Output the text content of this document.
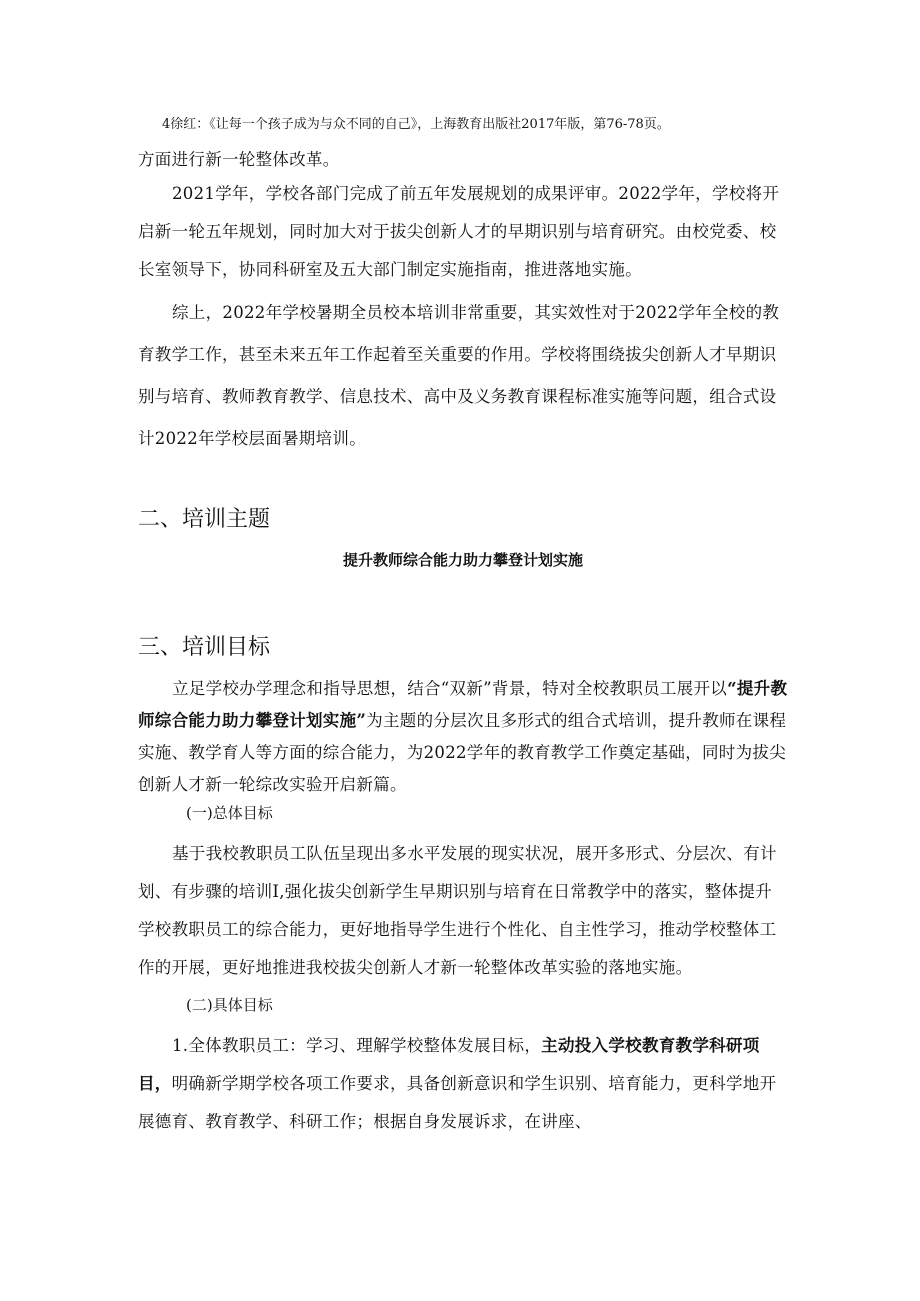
4徐红：《让每一个孩子成为与众不同的自己》，上海教育出版社2017年版，第76-78页。

方面进行新一轮整体改革。

2021学年，学校各部门完成了前五年发展规划的成果评审。2022学年，学校将开启新一轮五年规划，同时加大对于拔尖创新人才的早期识别与培育研究。由校党委、校长室领导下，协同科研室及五大部门制定实施指南，推进落地实施。

综上，2022年学校暑期全员校本培训非常重要，其实效性对于2022学年全校的教育教学工作，甚至未来五年工作起着至关重要的作用。学校将围绕拔尖创新人才早期识别与培育、教师教育教学、信息技术、高中及义务教育课程标准实施等问题，组合式设计2022年学校层面暑期培训。

二、培训主题
提升教师综合能力助力攀登计划实施
三、培训目标

立足学校办学理念和指导思想，结合“双新”背景，特对全校教职员工展开以“提升教师综合能力助力攀登计划实施”为主题的分层次且多形式的组合式培训，提升教师在课程实施、教学育人等方面的综合能力，为2022学年的教育教学工作奠定基础，同时为拔尖创新人才新一轮综改实验开启新篇。

(一)总体目标

基于我校教职员工队伍呈现出多水平发展的现实状况，展开多形式、分层次、有计划、有步骤的培训I,强化拔尖创新学生早期识别与培育在日常教学中的落实，整体提升学校教职员工的综合能力，更好地指导学生进行个性化、自主性学习，推动学校整体工作的开展，更好地推进我校拔尖创新人才新一轮整体改革实验的落地实施。

(二)具体目标

1.全体教职员工：学习、理解学校整体发展目标，主动投入学校教育教学科研项目，明确新学期学校各项工作要求，具备创新意识和学生识别、培育能力，更科学地开展德育、教育教学、科研工作；根据自身发展诉求，在讲座、
